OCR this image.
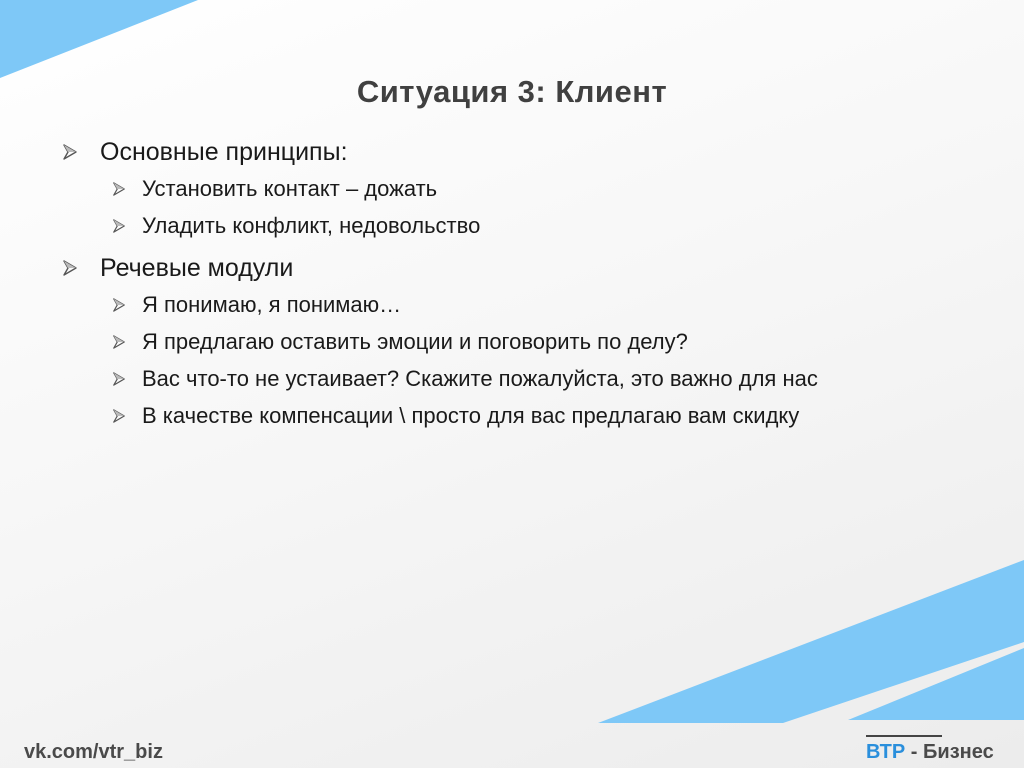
Ситуация 3: Клиент
Основные принципы:
Установить контакт – дожать
Уладить конфликт, недовольство
Речевые модули
Я понимаю, я понимаю…
Я предлагаю оставить эмоции и поговорить по делу?
Вас что-то не устаивает? Скажите пожалуйста, это важно для нас
В качестве компенсации \ просто для вас предлагаю вам скидку
vk.com/vtr_biz	ВТР - Бизнес
